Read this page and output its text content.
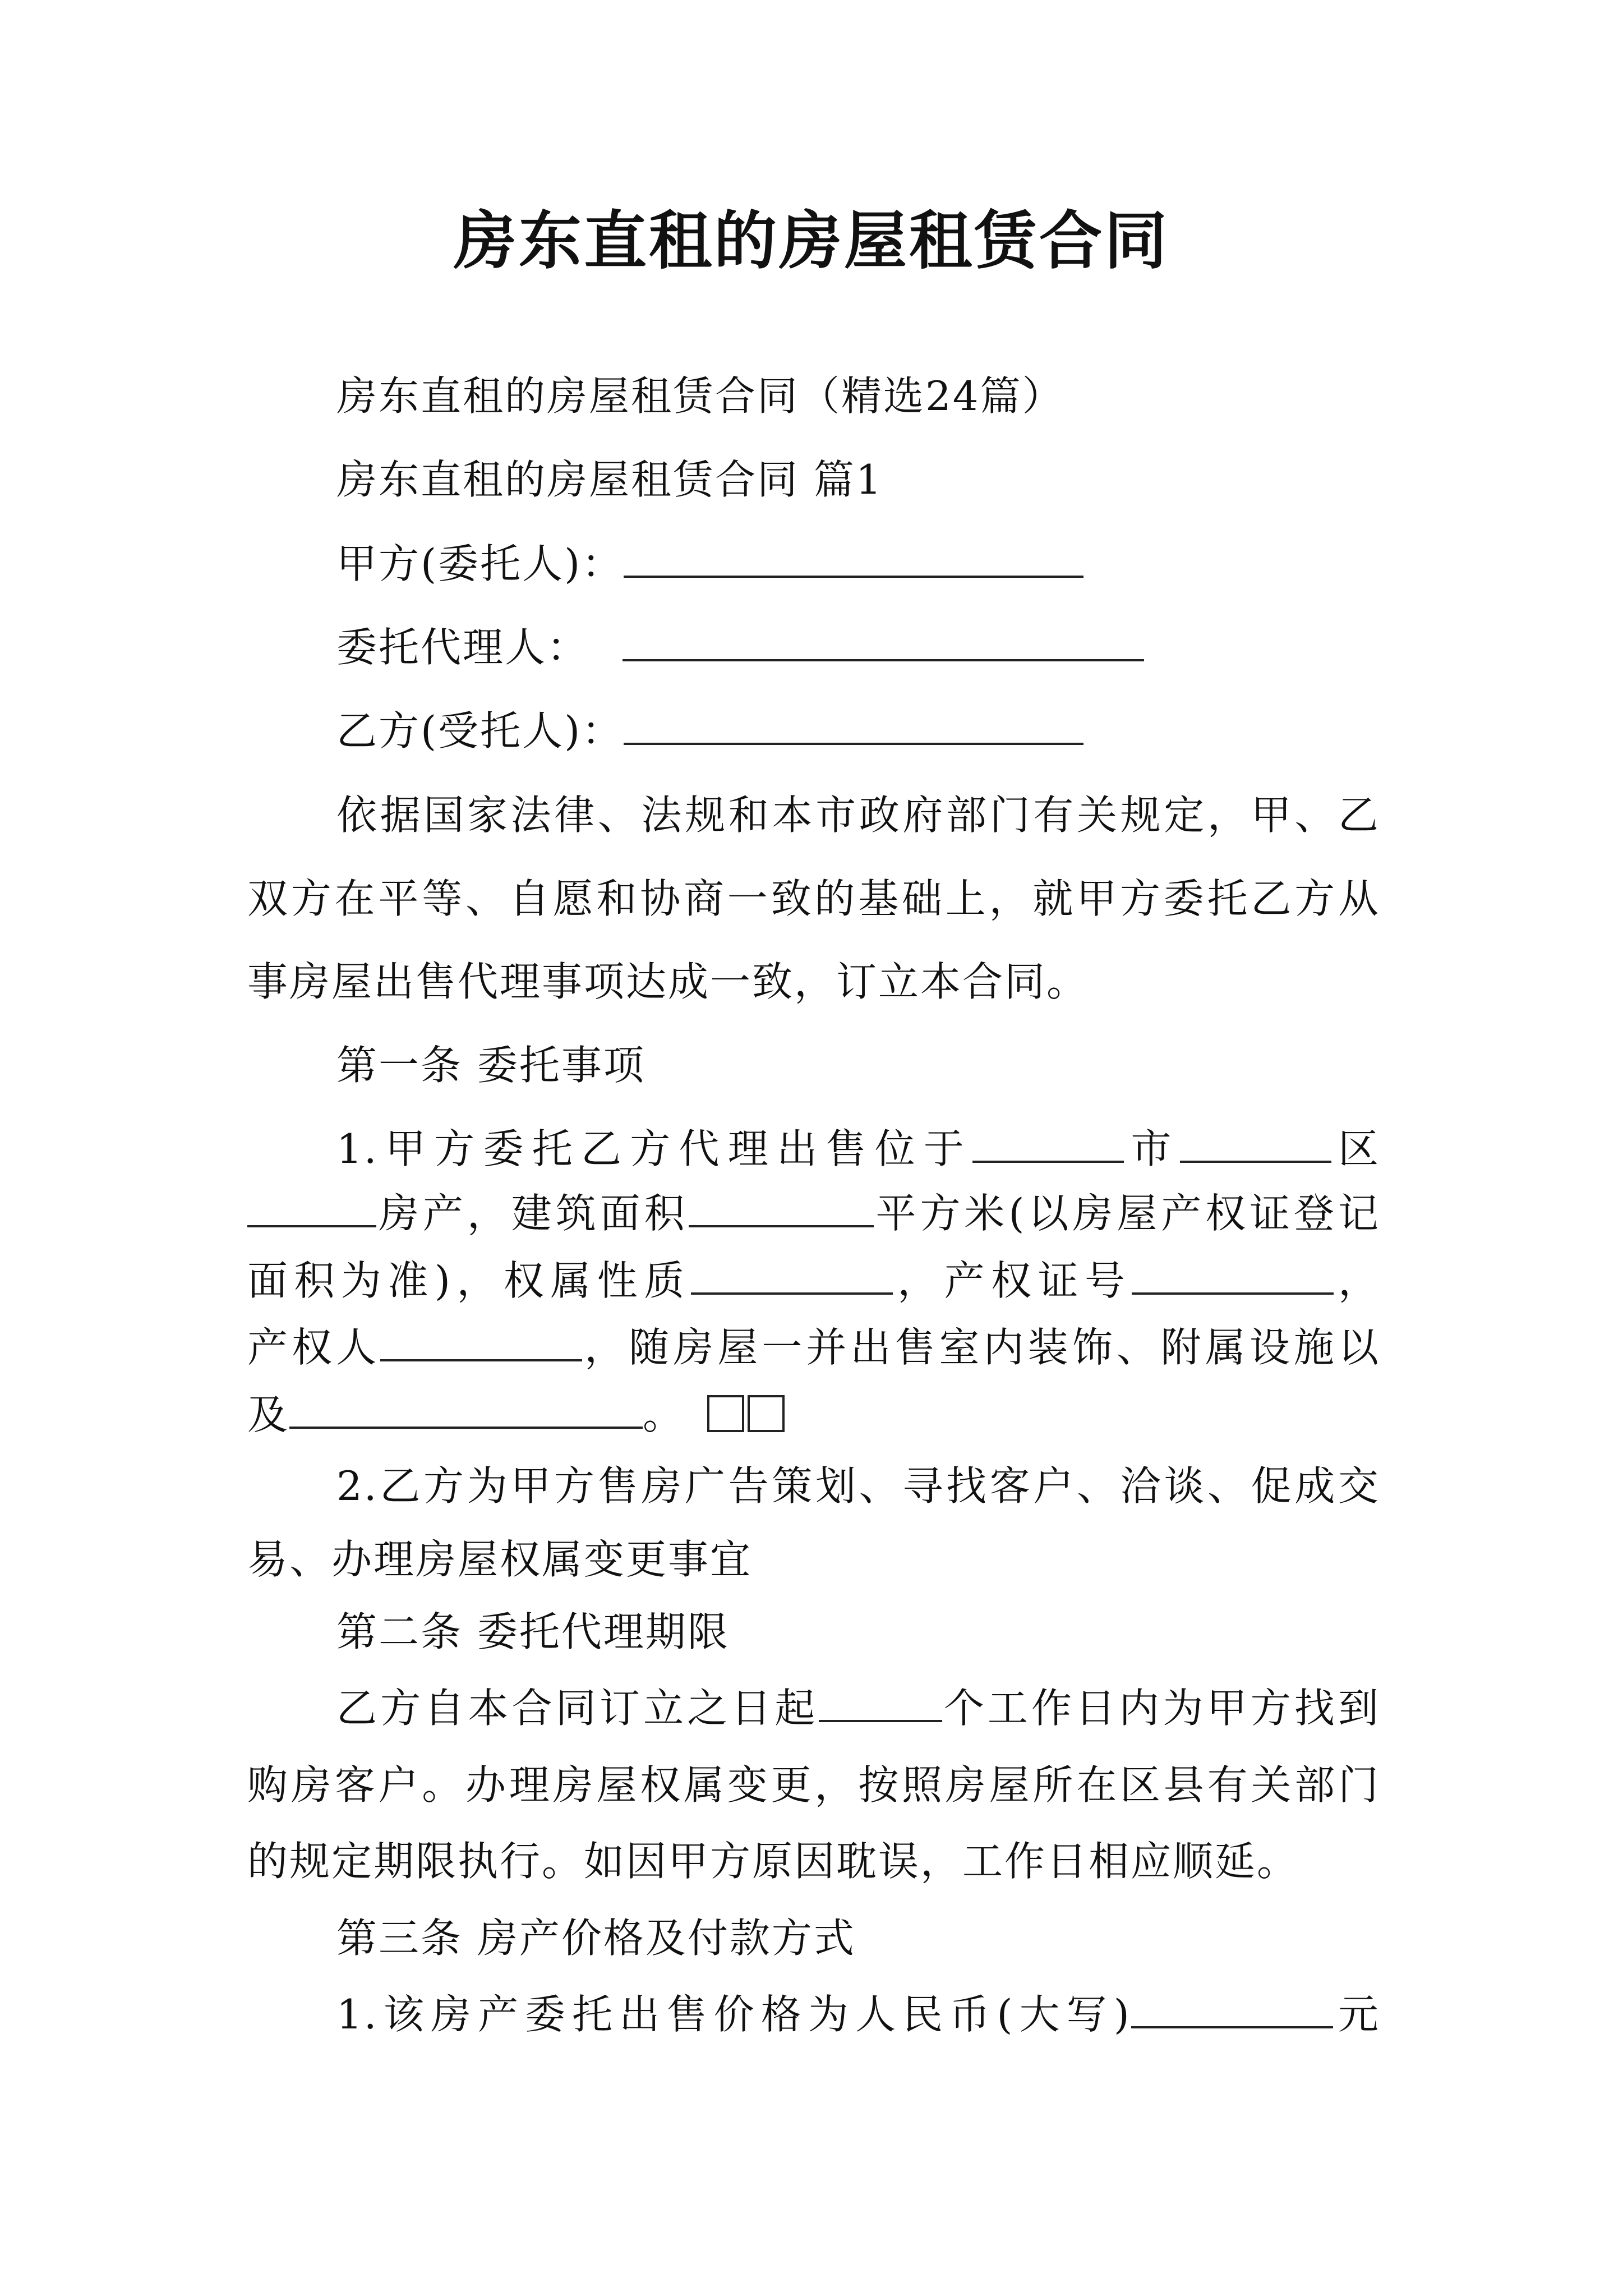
房东直租的房屋租赁合同
房东直租的房屋租赁合同（精选24篇）
房东直租的房屋租赁合同 篇1
甲方(委托人)：
委托代理人：
乙方(受托人)：
依据国家法律、法规和本市政府部门有关规定，甲、乙
双方在平等、自愿和协商一致的基础上，就甲方委托乙方从
事房屋出售代理事项达成一致，订立本合同。
第一条 委托事项
1.甲方委托乙方代理出售位于	市	区
房产，建筑面积	平方米(以房屋产权证登记
面积为准)，权属性质	，产权证号	，
产权人	，随房屋一并出售室内装饰、附属设施以
及	。
2.乙方为甲方售房广告策划、寻找客户、洽谈、促成交
易、办理房屋权属变更事宜
第二条 委托代理期限
乙方自本合同订立之日起	个工作日内为甲方找到
购房客户。办理房屋权属变更，按照房屋所在区县有关部门
的规定期限执行。如因甲方原因耽误，工作日相应顺延。
第三条 房产价格及付款方式
1.该房产委托出售价格为人民币(大写)	元
